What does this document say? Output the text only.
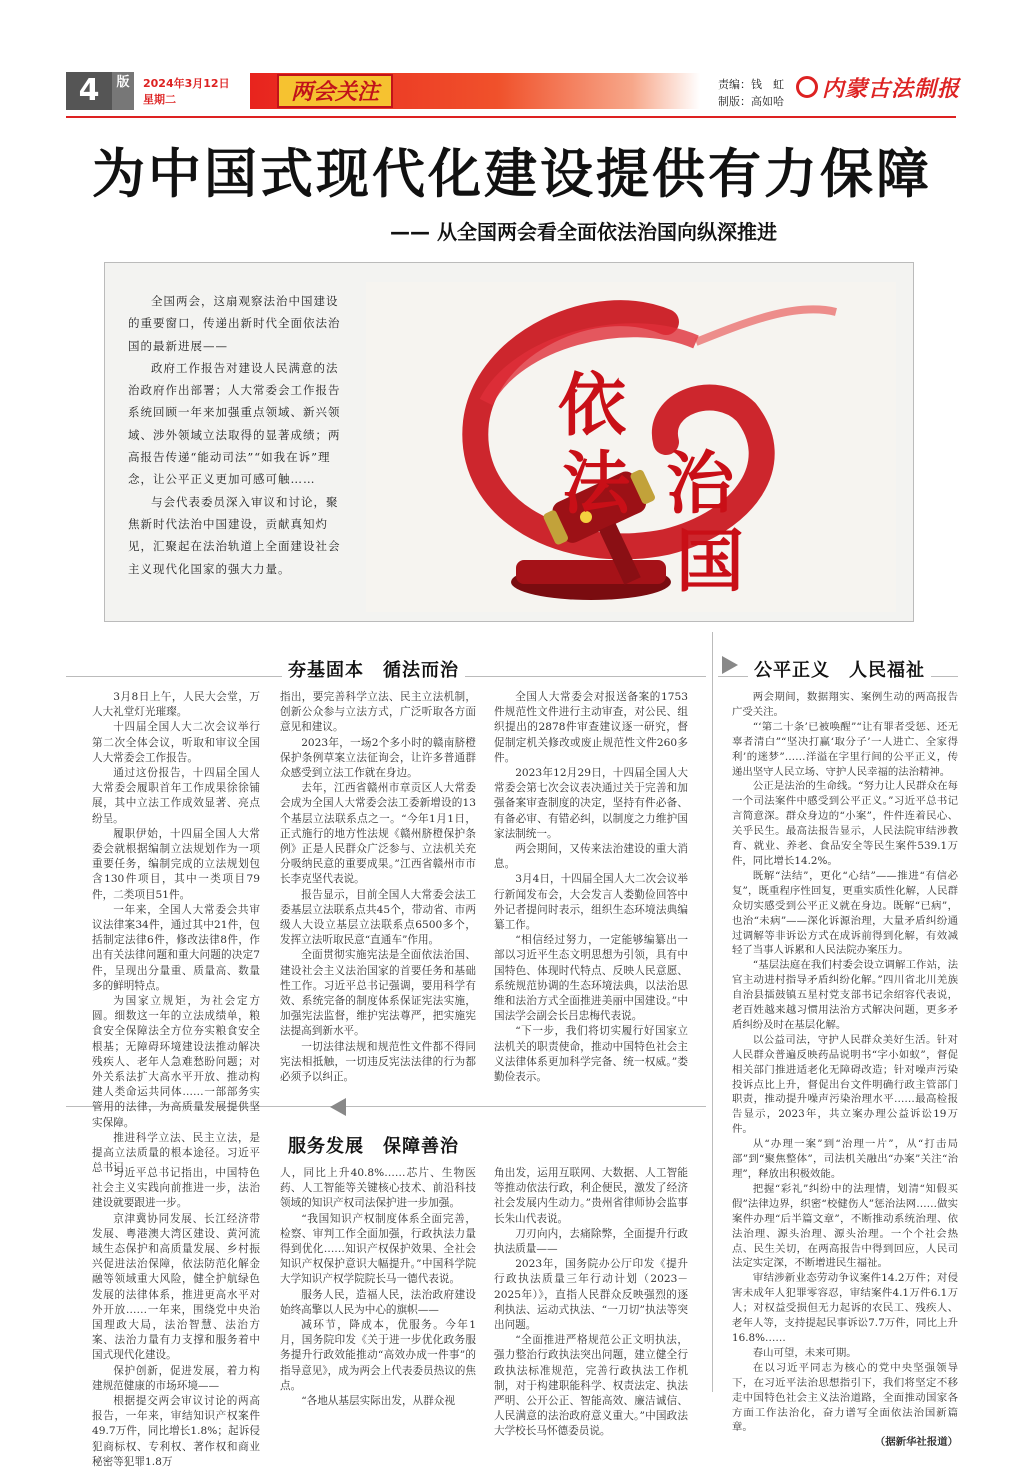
4	版	2024年3月12日
星期二	两会关注	责编：钱　虹
制版：高如哈 内蒙古法制报
为中国式现代化建设提供有力保障
—— 从全国两会看全面依法治国向纵深推进

全国两会，这扇观察法治中国建设的重要窗口，传递出新时代全面依法治国的最新进展——

政府工作报告对建设人民满意的法治政府作出部署；人大常委会工作报告系统回顾一年来加强重点领域、新兴领域、涉外领域立法取得的显著成绩；两高报告传递“能动司法”“如我在诉”理念，让公平正义更加可感可触……

与会代表委员深入审议和讨论，聚焦新时代法治中国建设，贡献真知灼见，汇聚起在法治轨道上全面建设社会主义现代化国家的强大力量。

依
法 治
国
夯基固本　循法而治

3月8日上午，人民大会堂，万人大礼堂灯光璀璨。

十四届全国人大二次会议举行第二次全体会议，听取和审议全国人大常委会工作报告。

通过这份报告，十四届全国人大常委会履职首年工作成果徐徐铺展，其中立法工作成效显著、亮点纷呈。

履职伊始，十四届全国人大常委会就根据编制立法规划作为一项重要任务，编制完成的立法规划包含130件项目，其中一类项目79件，二类项目51件。

一年来，全国人大常委会共审议法律案34件，通过其中21件，包括制定法律6件，修改法律8件，作出有关法律问题和重大问题的决定7件，呈现出分量重、质量高、数量多的鲜明特点。

为国家立规矩，为社会定方圆。细数这一年的立法成绩单，粮食安全保障法全方位夯实粮食安全根基；无障碍环境建设法推动解决残疾人、老年人急难愁盼问题；对外关系法扩大高水平开放、推动构建人类命运共同体……一部部务实管用的法律，为高质量发展提供坚实保障。

推进科学立法、民主立法，是提高立法质量的根本途径。习近平总书记

指出，要完善科学立法、民主立法机制，创新公众参与立法方式，广泛听取各方面意见和建议。

2023年，一场2个多小时的赣南脐橙保护条例草案立法征询会，让许多普通群众感受到立法工作就在身边。

去年，江西省赣州市章贡区人大常委会成为全国人大常委会法工委新增设的13个基层立法联系点之一。“今年1月1日，正式施行的地方性法规《赣州脐橙保护条例》正是人民群众广泛参与、立法机关充分吸纳民意的重要成果。”江西省赣州市市长李克坚代表说。

报告显示，目前全国人大常委会法工委基层立法联系点共45个，带动省、市两级人大设立基层立法联系点6500多个，发挥立法听取民意“直通车”作用。

全面贯彻实施宪法是全面依法治国、建设社会主义法治国家的首要任务和基础性工作。习近平总书记强调，要用科学有效、系统完备的制度体系保证宪法实施，加强宪法监督，维护宪法尊严，把实施宪法提高到新水平。

一切法律法规和规范性文件都不得同宪法相抵触，一切违反宪法法律的行为都必须予以纠正。

全国人大常委会对报送备案的1753件规范性文件进行主动审查，对公民、组织提出的2878件审查建议逐一研究，督促制定机关修改或废止规范性文件260多件。

2023年12月29日，十四届全国人大常委会第七次会议表决通过关于完善和加强备案审查制度的决定，坚持有件必备、有备必审、有错必纠，以制度之力维护国家法制统一。

两会期间，又传来法治建设的重大消息。

3月4日，十四届全国人大二次会议举行新闻发布会，大会发言人娄勤俭回答中外记者提问时表示，组织生态环境法典编纂工作。

“相信经过努力，一定能够编纂出一部以习近平生态文明思想为引领，具有中国特色、体现时代特点、反映人民意愿、系统规范协调的生态环境法典，以法治思维和法治方式全面推进美丽中国建设。”中国法学会副会长吕忠梅代表说。

“下一步，我们将切实履行好国家立法机关的职责使命，推动中国特色社会主义法律体系更加科学完备、统一权威。”娄勤俭表示。

服务发展　保障善治

习近平总书记指出，中国特色社会主义实践向前推进一步，法治建设就要跟进一步。

京津冀协同发展、长江经济带发展、粤港澳大湾区建设、黄河流域生态保护和高质量发展、乡村振兴促进法治保障，依法防范化解金融等领域重大风险，健全护航绿色发展的法律体系，推进更高水平对外开放……一年来，围绕党中央治国理政大局，法治智慧、法治方案、法治力量有力支撑和服务着中国式现代化建设。

保护创新，促进发展，着力构建规范健康的市场环境——

根据提交两会审议讨论的两高报告，一年来，审结知识产权案件49.7万件，同比增长1.8%；起诉侵犯商标权、专利权、著作权和商业秘密等犯罪1.8万

人，同比上升40.8%……芯片、生物医药、人工智能等关键核心技术、前沿科技领域的知识产权司法保护进一步加强。

“我国知识产权制度体系全面完善，检察、审判工作全面加强，行政执法力量得到优化……知识产权保护效果、全社会知识产权保护意识大幅提升。”中国科学院大学知识产权学院院长马一德代表说。

服务人民，造福人民，法治政府建设始终高擎以人民为中心的旗帜——

减环节，降成本，优服务。今年1月，国务院印发《关于进一步优化政务服务提升行政效能推动“高效办成一件事”的指导意见》，成为两会上代表委员热议的焦点。

“各地从基层实际出发，从群众视

角出发，运用互联网、大数据、人工智能等推动依法行政，利企便民，激发了经济社会发展内生动力。”贵州省律师协会监事长朱山代表说。

刀刃向内，去痛除弊，全面提升行政执法质量——

2023年，国务院办公厅印发《提升行政执法质量三年行动计划（2023－2025年）》，直指人民群众反映强烈的逐利执法、运动式执法、“一刀切”执法等突出问题。

“全面推进严格规范公正文明执法，强力整治行政执法突出问题，建立健全行政执法标准规范，完善行政执法工作机制，对于构建职能科学、权责法定、执法严明、公开公正、智能高效、廉洁诚信、人民满意的法治政府意义重大。”中国政法大学校长马怀德委员说。

公平正义　人民福祉

两会期间，数据翔实、案例生动的两高报告广受关注。

“‘第二十条’已被唤醒”“让有罪者受惩、还无辜者清白”“坚决打赢‘取分子’一人进亡、全家得利’的迷梦”……洋溢在字里行间的公平正义，传递出坚守人民立场、守护人民幸福的法治精神。

公正是法治的生命线。“努力让人民群众在每一个司法案件中感受到公平正义。”习近平总书记言简意深。群众身边的“小案”，件件连着民心、关乎民生。最高法报告显示，人民法院审结涉教育、就业、养老、食品安全等民生案件539.1万件，同比增长14.2%。

既解“法结”，更化“心结”——推进“有信必复”，既重程序性回复，更重实质性化解，人民群众切实感受到公平正义就在身边。既解“已病”，也治“未病”——深化诉源治理，大量矛盾纠纷通过调解等非诉讼方式在成诉前得到化解，有效减轻了当事人诉累和人民法院办案压力。

“基层法庭在我们村委会设立调解工作站，法官主动进村指导矛盾纠纷化解。”四川省北川羌族自治县擂鼓镇五星村党支部书记余绍容代表说，老百姓越来越习惯用法治方式解决问题，更多矛盾纠纷及时在基层化解。

以公益司法，守护人民群众美好生活。针对人民群众普遍反映药品说明书“字小如蚁”，督促相关部门推进适老化无障碍改造；针对噪声污染投诉点比上升，督促出台文件明确行政主管部门职责，推动提升噪声污染治理水平……最高检报告显示，2023年，共立案办理公益诉讼19万件。

从“办理一案”到“治理一片”，从“打击局部”到“聚焦整体”，司法机关融出“办案”关注“治理”，释放出积极效能。

把握“彩礼”纠纷中的法理情，划清“知假买假”法律边界，织密“校健伤人”惩治法网……做实案件办理“后半篇文章”，不断推动系统治理、依法治理、源头治理、源头治理。一个个社会热点、民生关切，在两高报告中得到回应，人民司法定实定深，不断增进民生福祉。

审结涉新业态劳动争议案件14.2万件；对侵害未成年人犯罪零容忍，审结案件4.1万件6.1万人；对权益受损但无力起诉的农民工、残疾人、老年人等，支持提起民事诉讼7.7万件，同比上升16.8%……

春山可望，未来可期。

在以习近平同志为核心的党中央坚强领导下，在习近平法治思想指引下，我们将坚定不移走中国特色社会主义法治道路，全面推动国家各方面工作法治化，奋力谱写全面依法治国新篇章。

（据新华社报道）
